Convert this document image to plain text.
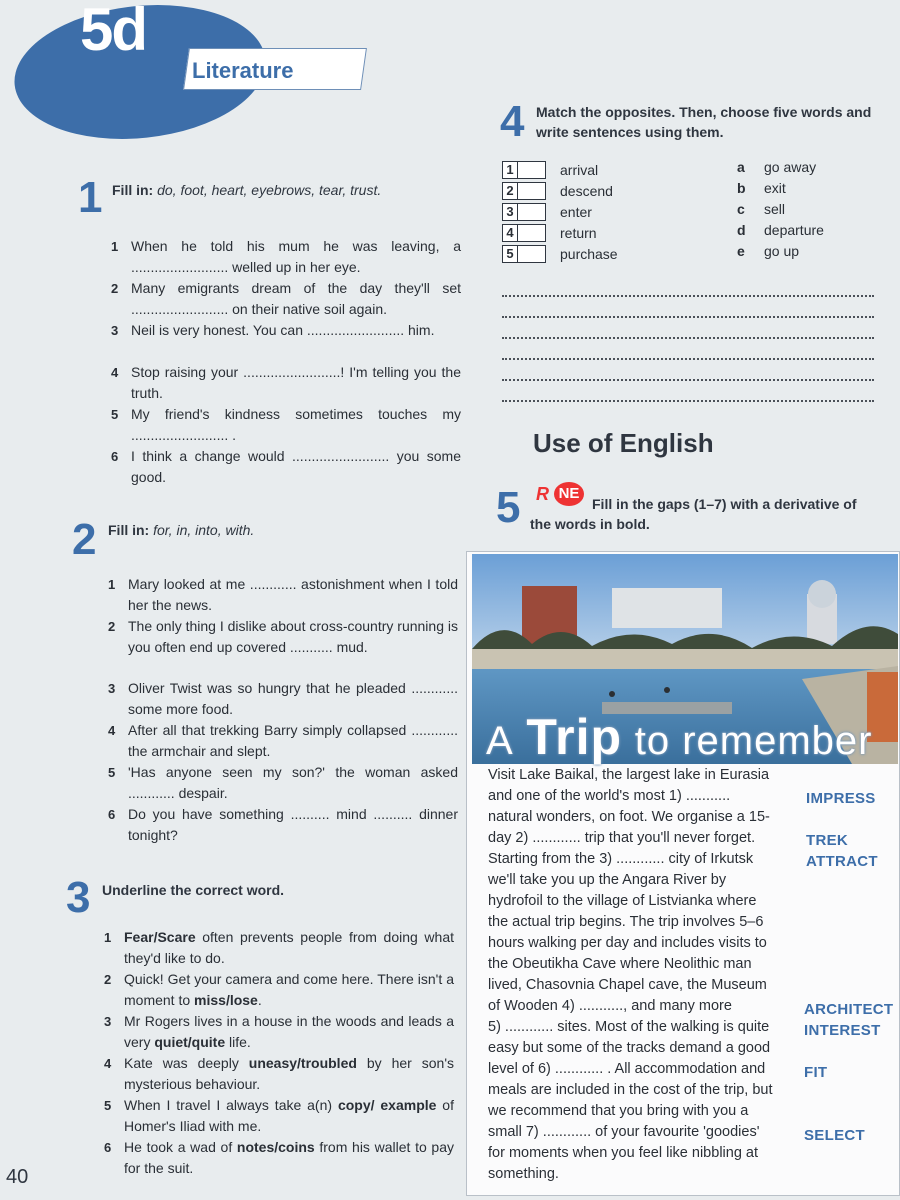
5d
Literature
1 Fill in: do, foot, heart, eyebrows, tear, trust.
1 When he told his mum he was leaving, a ......................... welled up in her eye.
2 Many emigrants dream of the day they'll set ......................... on their native soil again.
3 Neil is very honest. You can ......................... him.
4 Stop raising your .........................! I'm telling you the truth.
5 My friend's kindness sometimes touches my ......................... .
6 I think a change would ......................... you some good.
2 Fill in: for, in, into, with.
1 Mary looked at me ............ astonishment when I told her the news.
2 The only thing I dislike about cross-country running is you often end up covered ........... mud.
3 Oliver Twist was so hungry that he pleaded ............ some more food.
4 After all that trekking Barry simply collapsed ............ the armchair and slept.
5 'Has anyone seen my son?' the woman asked ............ despair.
6 Do you have something .......... mind .......... dinner tonight?
3 Underline the correct word.
1 Fear/Scare often prevents people from doing what they'd like to do.
2 Quick! Get your camera and come here. There isn't a moment to miss/lose.
3 Mr Rogers lives in a house in the woods and leads a very quiet/quite life.
4 Kate was deeply uneasy/troubled by her son's mysterious behaviour.
5 When I travel I always take a(n) copy/ example of Homer's Iliad with me.
6 He took a wad of notes/coins from his wallet to pay for the suit.
4 Match the opposites. Then, choose five words and write sentences using them.
1
2
3
4
5
arrival
descend
enter
return
purchase
a
b
c
d
e
go away
exit
sell
departure
go up
Use of English
5 R NE
Fill in the gaps (1–7) with a derivative of the words in bold.
A Trip to remember
Visit Lake Baikal, the largest lake in Eurasia
and one of the world's most 1) ...........
natural wonders, on foot. We organise a 15-
day 2) ............ trip that you'll never forget.
Starting from the 3) ............ city of Irkutsk
we'll take you up the Angara River by
hydrofoil to the village of Listvianka where
the actual trip begins. The trip involves 5–6
hours walking per day and includes visits to
the Obeutikha Cave where Neolithic man
lived, Chasovnia Chapel cave, the Museum
of Wooden 4) ..........., and many more
5) ............ sites. Most of the walking is quite
easy but some of the tracks demand a good
level of 6) ............ . All accommodation and
meals are included in the cost of the trip, but
we recommend that you bring with you a
small 7) ............ of your favourite 'goodies'
for moments when you feel like nibbling at
something.
IMPRESS
TREK
ATTRACT
ARCHITECT
INTEREST
FIT
SELECT
40
